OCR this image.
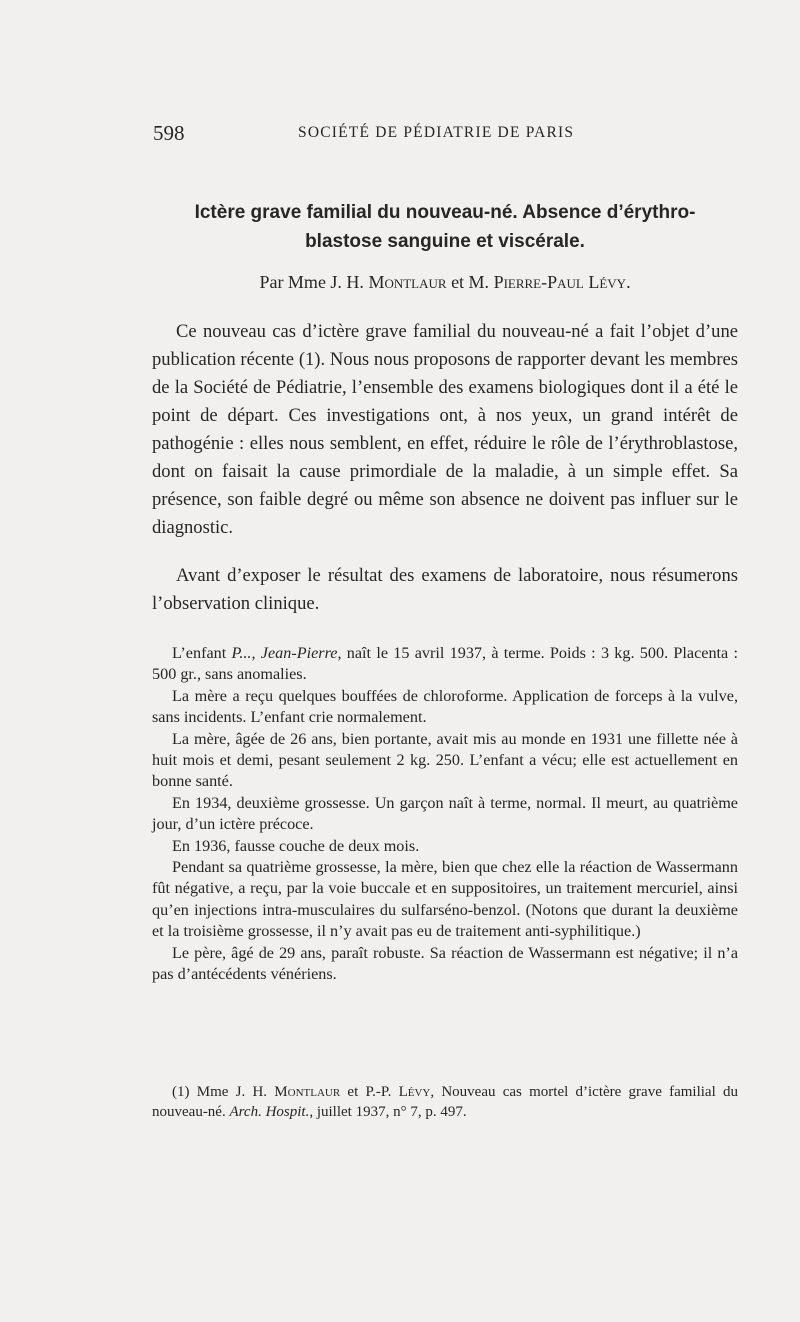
598	SOCIÉTÉ DE PÉDIATRIE DE PARIS
Ictère grave familial du nouveau-né. Absence d’érythro-
blastose sanguine et viscérale.

Par Mme J. H. Montlaur et M. Pierre-Paul Lévy.

Ce nouveau cas d’ictère grave familial du nouveau-né a fait l’objet d’une publication récente (1). Nous nous proposons de rapporter devant les membres de la Société de Pédiatrie, l’ensemble des examens biologiques dont il a été le point de départ. Ces investigations ont, à nos yeux, un grand intérêt de pathogénie : elles nous semblent, en effet, réduire le rôle de l’érythroblastose, dont on faisait la cause primordiale de la maladie, à un simple effet. Sa présence, son faible degré ou même son absence ne doivent pas influer sur le diagnostic.

Avant d’exposer le résultat des examens de laboratoire, nous résumerons l’observation clinique.

L’enfant P..., Jean-Pierre, naît le 15 avril 1937, à terme. Poids : 3 kg. 500. Placenta : 500 gr., sans anomalies.

La mère a reçu quelques bouffées de chloroforme. Application de forceps à la vulve, sans incidents. L’enfant crie normalement.

La mère, âgée de 26 ans, bien portante, avait mis au monde en 1931 une fillette née à huit mois et demi, pesant seulement 2 kg. 250. L’enfant a vécu; elle est actuellement en bonne santé.

En 1934, deuxième grossesse. Un garçon naît à terme, normal. Il meurt, au quatrième jour, d’un ictère précoce.

En 1936, fausse couche de deux mois.

Pendant sa quatrième grossesse, la mère, bien que chez elle la réaction de Wassermann fût négative, a reçu, par la voie buccale et en suppositoires, un traitement mercuriel, ainsi qu’en injections intra-musculaires du sulfarséno-benzol. (Notons que durant la deuxième et la troisième grossesse, il n’y avait pas eu de traitement anti-syphilitique.)

Le père, âgé de 29 ans, paraît robuste. Sa réaction de Wassermann est négative; il n’a pas d’antécédents vénériens.

(1) Mme J. H. Montlaur et P.-P. Lévy, Nouveau cas mortel d’ictère grave familial du nouveau-né. Arch. Hospit., juillet 1937, n° 7, p. 497.
